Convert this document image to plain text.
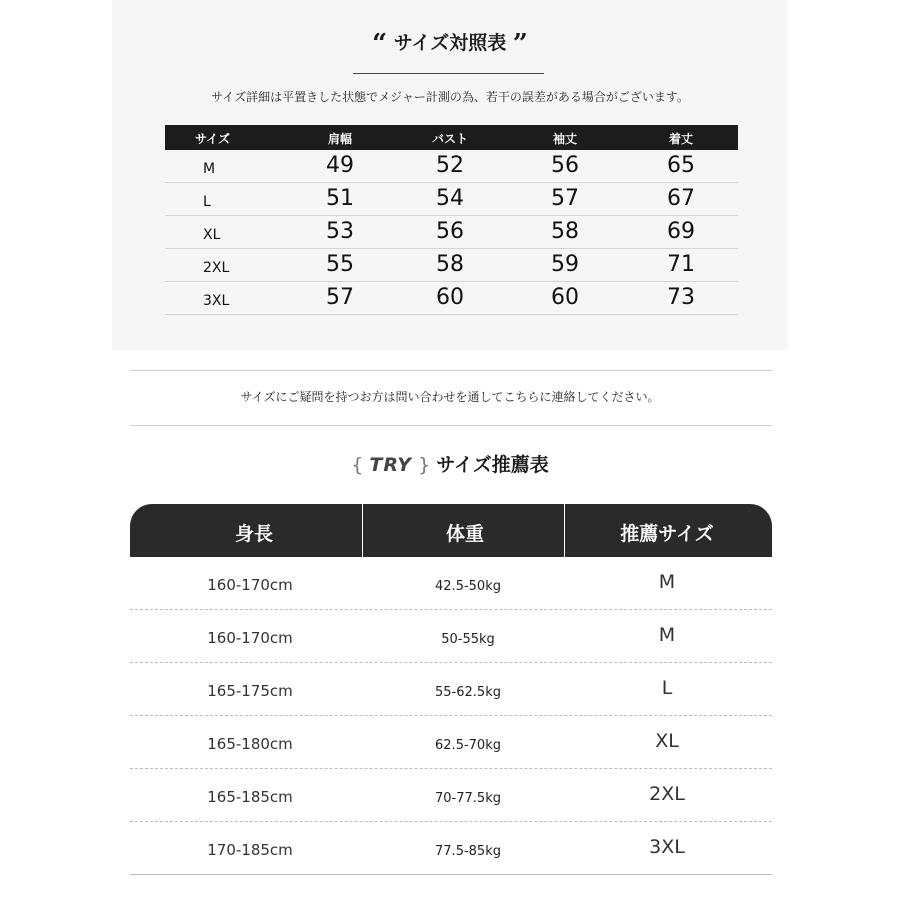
“ サイズ対照表 ”
サイズ詳細は平置きした状態でメジャー計測の為、若干の誤差がある場合がございます。
サイズ	肩幅	バスト	袖丈	着丈
M	49	52	56	65
L	51	54	57	67
XL	53	56	58	69
2XL	55	58	59	71
3XL	57	60	60	73
サイズにご疑問を持つお方は問い合わせを通してこちらに連絡してください。
{ TRY } サイズ推薦表
身長	体重	推薦サイズ
160-170cm	42.5-50kg	M
160-170cm	50-55kg	M
165-175cm	55-62.5kg	L
165-180cm	62.5-70kg	XL
165-185cm	70-77.5kg	2XL
170-185cm	77.5-85kg	3XL
